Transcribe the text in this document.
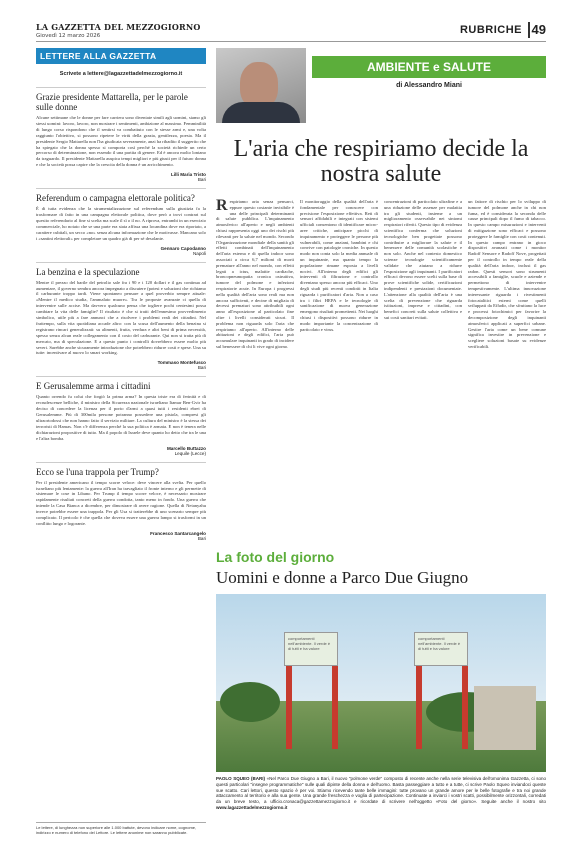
LA GAZZETTA DEL MEZZOGIORNO
Giovedì 12 marzo 2026	RUBRICHE 49
LETTERE ALLA GAZZETTA
Scrivete a lettere@lagazzettadelmezzogiorno.it
Grazie presidente Mattarella, per le parole sulle donne

Alcune settimane che le donne per fare carriera sono diventate simili agli uomini, siamo gli stessi uomini: lavoro, lavoro, non mostrare i sentimenti, ambizione al massimo. Femminilità di lungo corso rispondono che il sentirsi va combattuto con le stesse armi e, una volta raggiunto l'obiettivo, si possono ripetere le virtù della grazia, gentilezza, poesia. Ma il presidente Sergio Mattarella non l'ha giudicata severamente, anzi ha ribadito il suggerito che ha spiegato che la donna spesso si comporta così perché la società richiede un certo percorso di determinazione, non essendo il una partita di genere. Ed è ancora molto lontano da traguardo. Il presidente Mattarella auspica tempi migliori e più giusti per il futuro donna e che la società possa capire che la crescita della donna è un arricchimento.

Lilli Maria Tristo
Bari
Referendum o campagna elettorale politica?

È di tutta evidenza che la strumentalizzazione sul referendum sulla giustizia fa la trasformare di fatto in una campagna elettorale politica, dove però a trovi contrari sul quesito referendario al fine si scelta ma scale il sì o il no. A riprova, entrambi in un esercizio commerciale, ho notato che se una parte era stata affissa una locandina dove era riportato, a carattere cubitali, un secco «no» senza alcuna informazione che le motivasse. Mancano solo i «santini elettorali» per completare un quadro già di per sé desolante.

Gennaro Capodanno
Napoli
La benzina e la speculazione

Mentre il prezzo del barile del petrolio sale fra i 90 e i 120 dollari e il gas continua ad aumentare, il governo sembra ancora impegnato a discutere (potesi e soluzioni che richiamo il carburante troppo tardi. Viene spontaneo pensare a quel proverbio sempre attuale: «Mentre il medico studia, l'ammalato muore». Tra le proposte avanzate ci quella di intervenire sulle accise. Ma davvero qualcuno pensa che togliere pochi centesimi possa cambiare la vita delle famiglie? Il risultato è che si tratti dell'ennesimo provvedimento simbolico, utile più a fare annunci che a risolvere i problemi reali dei cittadini. Nel frattempo, sulla vita quotidiana accade altro: con la scusa dell'aumento della benzina si registrano rincari generalizzati: su alimenti, frutta, verdura e altri beni di prima necessità, spesso senza alcun reale collegamento con il costo del carburante. Qui non si tratta più di mercato, ma di speculazione. E a questo punto i controlli dovrebbero essere molto più severi. Sarebbe anche sicuramente introduzione che potrebbero ridurre costi e spese. Una su tutte: incentivare al nuovo lo smart working.

Tommaso Montefusco
Bari
E Gerusalemme arma i cittadini

Quanto orrendo fu colui che forgiò la prima arma? In questa triste era di ferinità e di recrudescenze belliche, il ministro della Sicurezza nazionale israeliano Itamar Ben-Gvir ha deciso di concedere la licenza per il porto d'armi a quasi tutti i residenti ebrei di Gerusalemme. Più di 300mila persone potranno possedere una pistola, compresi gli ultraortodossi che non hanno fatto il servizio militare. La cultura del ministro è la stessa dei terroristi di Hamas. Non c'è differenza perché la sua politica è armata. E non è tenera nelle dichiarazioni propositive di tutto. Ma il popolo di Israele deve quanto ho detto che tra le una e l'altra bomba.

Marcello Buttazzo
Lequile (Lecce)
Ecco se l'una trappola per Trump?

Per il presidente americano il tempo scorre veloce: deve vincere alla svelta. Per quello israeliano più lentamente: la guerra all'Iran ha travagliato il fronte interno e gli permette di sistemare le cose in Libano. Per Trump il tempo scorre veloce, è necessario mostrare rapidamente risultati concreti della guerra condotta, tanto meno in fondo. Una guerra che intende la Casa Bianca a dicembre, per dimostrare di avere ragione. Quella di Netanyahu invece potrebbe essere una trappola. Per gli Usa si tratterebbe di uno scenario sempre più complicato. Il pericolo è che quella che doveva essere una guerra lampo si trasformi in un conflitto lungo e logorante.

Francesco Santarcangelo
Bari
Le lettere, di lunghezza non superiore alle 1.000 battute, devono indicare nome, cognome, indirizzo e numero di telefono del Lettore. Le lettere anonime non saranno pubblicate.
AMBIENTE e SALUTE
di Alessandro Miani
L'aria che respiriamo decide la nostra salute
Respiriamo aria senza pensarci, eppure questo costante invisibile è una delle principali determinanti di salute pubblica. L'inquinamento atmosferico all'aperto e negli ambienti chiusi rappresenta oggi uno dei rischi più rilevanti per la salute nel mondo. Secondo l'Organizzazione mondiale della sanità gli effetti combinati dell'inquinamento dell'aria esterna e di quella indoor sono associati a circa 6,7 milioni di morti premature all'anno nel mondo, con effetti legati a ictus, malattie cardiache, broncopneumopatia cronica ostruttiva, tumore del polmone e infezioni respiratorie acute. In Europa i progressi nella qualità dell'aria sono reali ma non ancora sufficienti, e decine di migliaia di decessi prematuri sono attribuibili ogni anno all'esposizione al particolato fine oltre i livelli considerati sicuri. Il problema non riguarda solo l'aria che respiriamo all'aperto. All'interno delle abitazioni e degli edifici, l'aria può accumulare inquinanti in grado di incidere sul benessere di chi li vive ogni giorno.
Il monitoraggio della qualità dell'aria è fondamentale per conoscere con precisione l'esposizione effettiva. Reti di sensori affidabili e integrati con sistemi ufficiali consentono di identificare micro-aree critiche, anticipare picchi di inquinamento e proteggere le persone più vulnerabili, come anziani, bambini e chi convive con patologie croniche. In questo modo non conta solo la media annuale di un inquinante, ma quanto tempo la popolazione rimane esposta a livelli nocivi. All'interno degli edifici gli interventi di filtrazione e controllo diventano spesso ancora più efficaci. Uno degli studi più recenti condotti in Italia riguarda i purificatori d'aria. Non a caso tra i filtri HEPA e le tecnologie di sanificazione di nuova generazione emergono risultati promettenti. Nei luoghi chiusi i dispositivi possono ridurre in modo importante la concentrazione di particolato e virus.
concentrazioni di particolato ultrafine e a una riduzione delle assenze per malattia tra gli studenti, insieme a un miglioramento osservabile nei sintomi respiratori riferiti. Questo tipo di evidenza scientifica conferma che soluzioni tecnologiche ben progettate possono contribuire a migliorare la salute e il benessere delle comunità scolastiche e non solo. Anche nel contesto domestico scienze tecnologie scientificamente validate che aiutano a ridurre l'esposizione agli inquinanti. I purificatori efficaci devono essere scelti sulla base di prove scientifiche solide, certificazioni indipendenti e prestazioni documentate. L'attenzione alla qualità dell'aria è una scelta di prevenzione che riguarda istituzioni, imprese e cittadini, con benefici concreti sulla salute collettiva e sui costi sanitari evitati.
un fattore di rischio per lo sviluppo di tumore del polmone anche in chi non fuma, ed è considerata la seconda delle cause principali dopo il fumo di tabacco. In questo campo misurazioni e interventi di mitigazione sono efficaci e possono proteggere le famiglie con costi contenuti. In questo campo entrano in gioco dispositivi avanzati come i monitor Radoff Sensore e Radoff Nove, progettati per il controllo in tempo reale della qualità dell'aria indoor, inclusi il gas radon. Questi sensori sono strumenti accessibili a famiglie, scuole e aziende e permettono di intervenire tempestivamente. L'ultima innovazione interessante riguarda i rivestimenti fotocatalitici esterni come quelli sviluppati da Effadir, che sfruttano la luce e processi fotochimici per favorire la decomposizione degli inquinanti atmosferici applicati a superfici urbane. Gestire l'aria come un bene comune significa investire in prevenzione e scegliere soluzioni basate su evidenze verificabili.
La foto del giorno
Uomini e donne a Parco Due Giugno
comportamenti nell'ambiente. Il verde è di tutti e ha valore
comportamenti nell'ambiente. Il verde è di tutti e ha valore
PAOLO SQUEO (BARI) «Nel Parco Due Giugno a Bari, il nuovo "polmone verde" composto di recente anche nella serie televisiva dell'omonima Gazzetta, ci sono questi particolari "insegne programmatiche" sulle quali dipinte della donna e dell'uomo. Basta passeggiare a tutto e a tutte, ci scrive Paolo Squeo inviandoci queste sue scatto. Cari lettori, questo spazio è per voi. Stiamo ricevendo tante belle immagini: tutte provano un grande amore per le belle fotografie e tra noi grande attaccamento al territorio e alla sua gente. Una grande freschezza e voglia di partecipazione. Continuate a inviarci i vostri scatti, possibilmente orizzontali, corredati da un breve testo, a ufficio.cronaca@gazzettamezzogiorno.it e ricordate di scrivere nell'oggetto «Foto del giorno». Seguite anche il nostro sito www.lagazzettadelmezzogiorno.it
